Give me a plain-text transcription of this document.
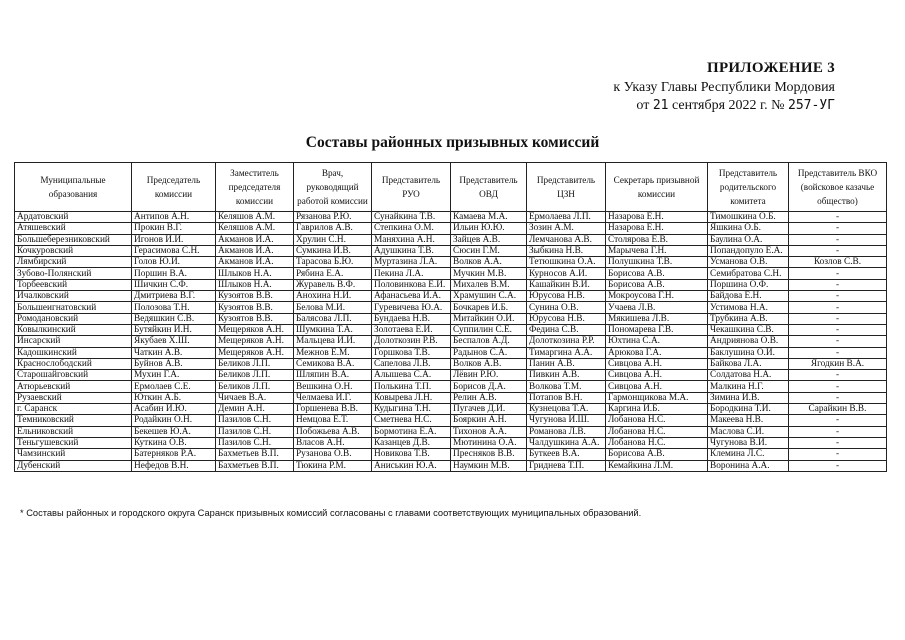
ПРИЛОЖЕНИЕ 3
к Указу Главы Республики Мордовия
от 21 сентября 2022 г. № 257-УГ
Составы районных призывных комиссий
Муниципальные образования	Председатель комиссии	Заместитель председателя комиссии	Врач, руководящий работой комиссии	Представитель РУО	Представитель ОВД	Представитель ЦЗН	Секретарь призывной комиссии	Представитель родительского комитета	Представитель ВКО (войсковое казачье общество)
Ардатовский	Антипов А.Н.	Келяшов А.М.	Рязанова Р.Ю.	Сунайкина Т.В.	Камаева М.А.	Ермолаева Л.П.	Назарова Е.Н.	Тимошкина О.Б.	-
Атяшевский	Прокин В.Г.	Келяшов А.М.	Гаврилов А.В.	Степкина О.М.	Ильин Ю.Ю.	Зозин А.М.	Назарова Е.Н.	Яшкина О.Б.	-
Большеберезниковский	Игонов И.И.	Акманов И.А.	Хрулин С.Н.	Маняхина А.Н.	Зайцев А.В.	Лемчанова А.В.	Столярова Е.В.	Баулина О.А.	-
Кочкуровский	Герасимова С.Н.	Акманов И.А.	Сумкина И.В.	Адушкина Т.В.	Сюсин Г.М.	Зыбкина Н.В.	Марычева Г.Н.	Попандопуло Е.А.	-
Лямбирский	Голов Ю.И.	Акманов И.А.	Тарасова Б.Ю.	Муртазина Л.А.	Волков А.А.	Тетюшкина О.А.	Полушкина Т.В.	Усманова О.В.	Козлов С.В.
Зубово-Полянский	Поршин В.А.	Шлыков Н.А.	Рябина Е.А.	Пекина Л.А.	Мучкин М.В.	Курносов А.И.	Борисова А.В.	Семибратова С.Н.	-
Торбеевский	Шичкин С.Ф.	Шлыков Н.А.	Журавель В.Ф.	Половинкова Е.И.	Михалев В.М.	Кашайкин В.И.	Борисова А.В.	Поршина О.Ф.	-
Ичалковский	Дмитриева В.Г.	Кузоятов В.В.	Анохина Н.И.	Афанасьева И.А.	Храмушин С.А.	Юрусова Н.В.	Мокроусова Г.Н.	Байдова Е.Н.	-
Большеигнатовский	Полозова Т.Н.	Кузоятов В.В.	Белова М.И.	Гуревичева Ю.А.	Бочкарев И.Б.	Сунина О.В.	Учаева Л.В.	Устимова Н.А.	-
Ромодановский	Ведяшкин С.В.	Кузоятов В.В.	Балясова Л.П.	Бундаева Н.В.	Митайкин О.И.	Юрусова Н.В.	Мякишева Л.В.	Трубкина А.В.	-
Ковылкинский	Бутяйкин И.Н.	Мещеряков А.Н.	Шумкина Т.А.	Золотаева Е.И.	Суппилин С.Е.	Федина С.В.	Пономарева Г.В.	Чекашкина С.В.	-
Инсарский	Якубаев Х.Ш.	Мещеряков А.Н.	Мальцева И.И.	Долоткозин Р.В.	Беспалов А.Д.	Долоткозина Р.Р.	Юхтина С.А.	Андриянова О.В.	-
Кадошкинский	Чаткин А.В.	Мещеряков А.Н.	Межнов Е.М.	Горшкова Т.В.	Радынов С.А.	Тимаргина А.А.	Арюкова Г.А.	Баклушина О.И.	-
Краснослободский	Буйнов А.В.	Беликов Л.П.	Семикова В.А.	Сапелова Л.В.	Волков А.В.	Панин А.В.	Сивцова А.Н.	Байкова Л.А.	Ягодкин В.А.
Старошайговский	Мухин Г.А.	Беликов Л.П.	Шляпин В.А.	Алышева С.А.	Лёвин Р.Ю.	Пивкин А.В.	Сивцова А.Н.	Солдатова Н.А.	-
Атюрьевский	Ермолаев С.Е.	Беликов Л.П.	Вешкина О.Н.	Полькина Т.П.	Борисов Д.А.	Волкова Т.М.	Сивцова А.Н.	Малкина Н.Г.	-
Рузаевский	Юткин А.Б.	Чичаев В.А.	Челмаева И.Г.	Ковырева Л.Н.	Релин А.В.	Потапов В.Н.	Гармонщикова М.А.	Зимина И.В.	-
г. Саранск	Асабин И.Ю.	Демин А.Н.	Горшенева В.В.	Кудыгина Т.Н.	Пугачев Д.И.	Кузнецова Т.А.	Каргина И.Б.	Бородкина Т.И.	Сарайкин В.В.
Темниковский	Родайкин О.Н.	Пазилов С.Н.	Немцова Е.Т.	Сметнева Н.С.	Бояркин А.Н.	Чугунова И.Ш.	Лобанова Н.С.	Макеева Н.В.	-
Ельниковский	Бекешев Ю.А.	Пазилов С.Н.	Побожьева А.В.	Бормотина Е.А.	Тихонов А.А.	Романова Л.В.	Лобанова Н.С.	Маслова С.И.	-
Теньгушевский	Куткина О.В.	Пазилов С.Н.	Власов А.Н.	Казанцев Д.В.	Мютинина О.А.	Чалдушкина А.А.	Лобанова Н.С.	Чугунова В.И.	-
Чамзинский	Батерняков Р.А.	Бахметьев В.П.	Рузанова О.В.	Новикова Т.В.	Пресняков В.В.	Буткеев В.А.	Борисова А.В.	Клемина Л.С.	-
Дубенский	Нефедов В.Н.	Бахметьев В.П.	Тюкина Р.М.	Аниськин Ю.А.	Наумкин М.В.	Гриднева Т.П.	Кемайкина Л.М.	Воронина А.А.	-
* Составы районных и городского округа Саранск призывных комиссий согласованы с главами соответствующих муниципальных образований.
